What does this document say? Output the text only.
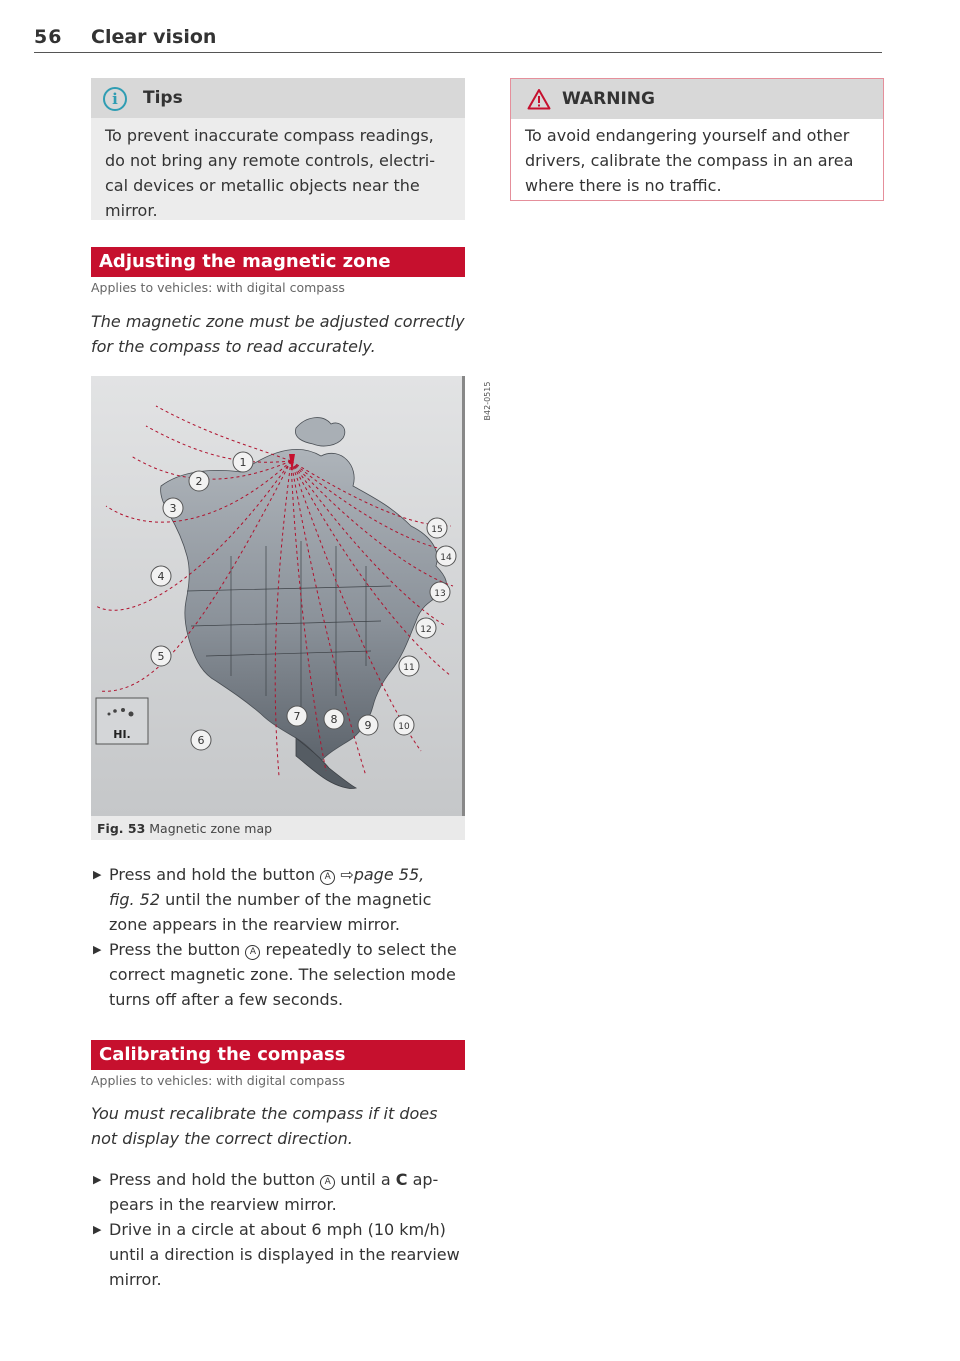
56 Clear vision
i	Tips
To prevent inaccurate compass readings,
do not bring any remote controls, electri-
cal devices or metallic objects near the
mirror.
WARNING
To avoid endangering yourself and other
drivers, calibrate the compass in an area
where there is no traffic.
Adjusting the magnetic zone
Applies to vehicles: with digital compass
The magnetic zone must be adjusted correctly
for the compass to read accurately.
1
2
3
4
5
6
7	8 9	10
11
12
13
14
15
HI.
B42-0515
Fig. 53 Magnetic zone map
▶ Press and hold the button A ⇨page 55,
fig. 52 until the number of the magnetic
zone appears in the rearview mirror.
▶ Press the button A repeatedly to select the
correct magnetic zone. The selection mode
turns off after a few seconds.
Calibrating the compass
Applies to vehicles: with digital compass
You must recalibrate the compass if it does
not display the correct direction.
▶ Press and hold the button A until a C ap-
pears in the rearview mirror.
▶ Drive in a circle at about 6 mph (10 km/h)
until a direction is displayed in the rearview
mirror.
